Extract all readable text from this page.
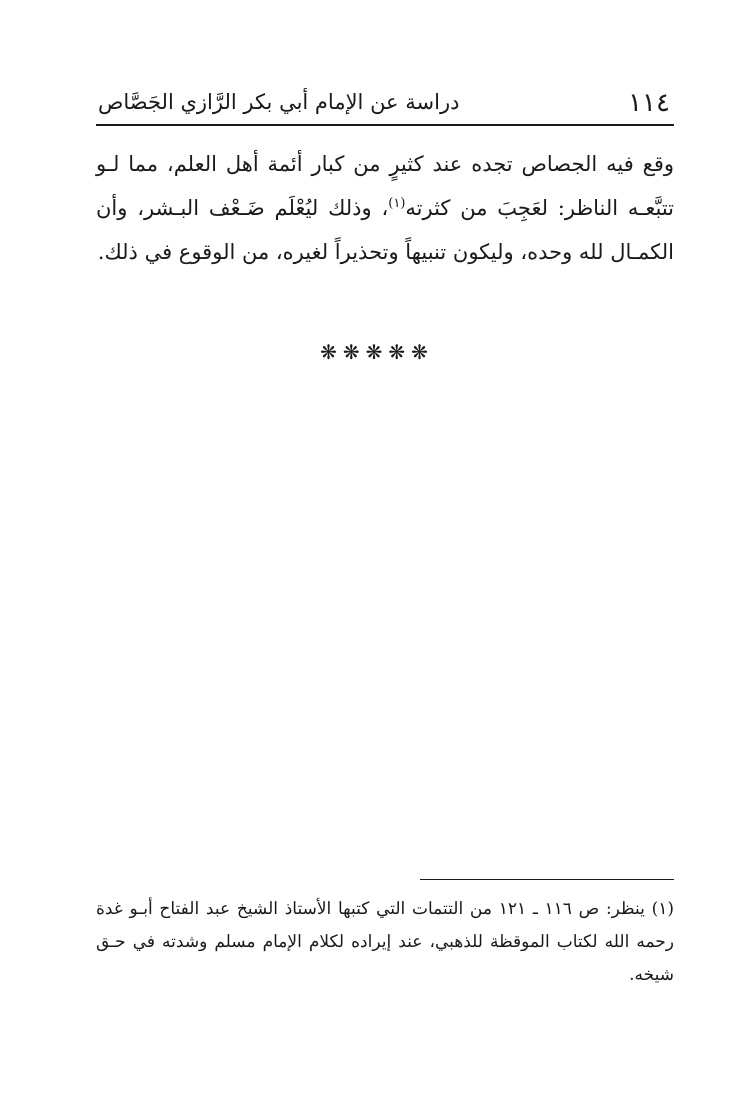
١١٤
دراسة عن الإمام أبي بكر الرَّازي الجَصَّاص

وقع فيه الجصاص تجده عند كثيرٍ من كبار أئمة أهل العلم، مما لـو تتبَّعـه الناظر: لعَجِبَ من كثرته$^{(١)}$، وذلك ليُعْلَم ضَـعْف البـشر، وأن الكمـال لله وحده، وليكون تنبيهاً وتحذيراً لغيره، من الوقوع في ذلك.

❋❋❋❋❋

(١) ينظر: ص ١١٦ ـ ١٢١ من التتمات التي كتبها الأستاذ الشيخ عبد الفتاح أبـو غدة رحمه الله لكتاب الموقظة للذهبي، عند إيراده لكلام الإمام مسلم وشدته في حـق شيخه.
